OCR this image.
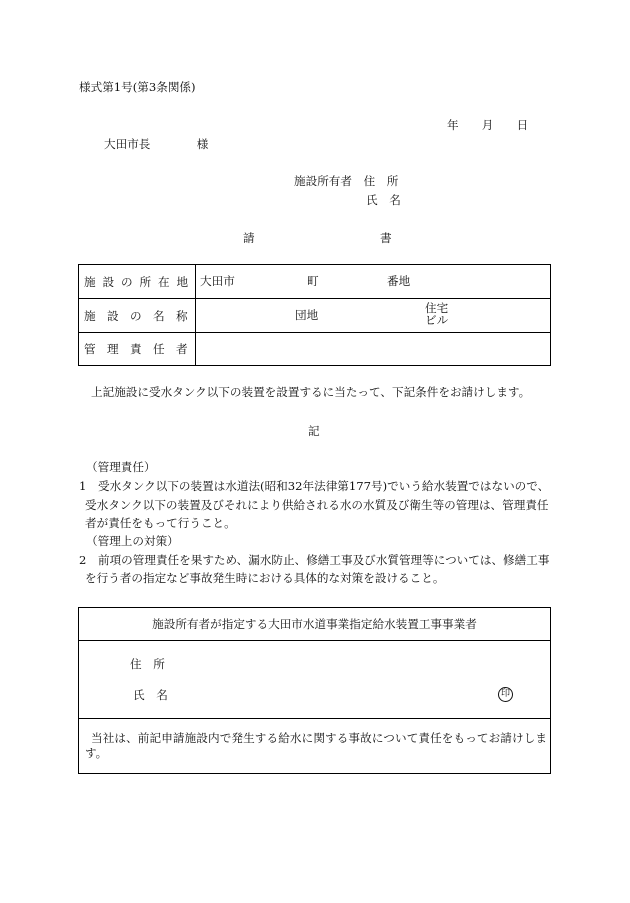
様式第1号(第3条関係)
年　　月　　日
大田市長　　　　様
施設所有者　住　所
氏　名
請書
施設の所在地 大田市	町	番地
施設の名称	団地	住宅
ビル
管理責任者
上記施設に受水タンク以下の装置を設置するに当たって、下記条件をお請けします。
記
（管理責任）
1　受水タンク以下の装置は水道法(昭和32年法律第177号)でいう給水装置ではないので、
受水タンク以下の装置及びそれにより供給される水の水質及び衛生等の管理は、管理責任
者が責任をもって行うこと。
（管理上の対策）
2　前項の管理責任を果すため、漏水防止、修繕工事及び水質管理等については、修繕工事
を行う者の指定など事故発生時における具体的な対策を設けること。
施設所有者が指定する大田市水道事業指定給水装置工事事業者
住　所
氏　名	印
当社は、前記申請施設内で発生する給水に関する事故について責任をもってお請けしま
す。
